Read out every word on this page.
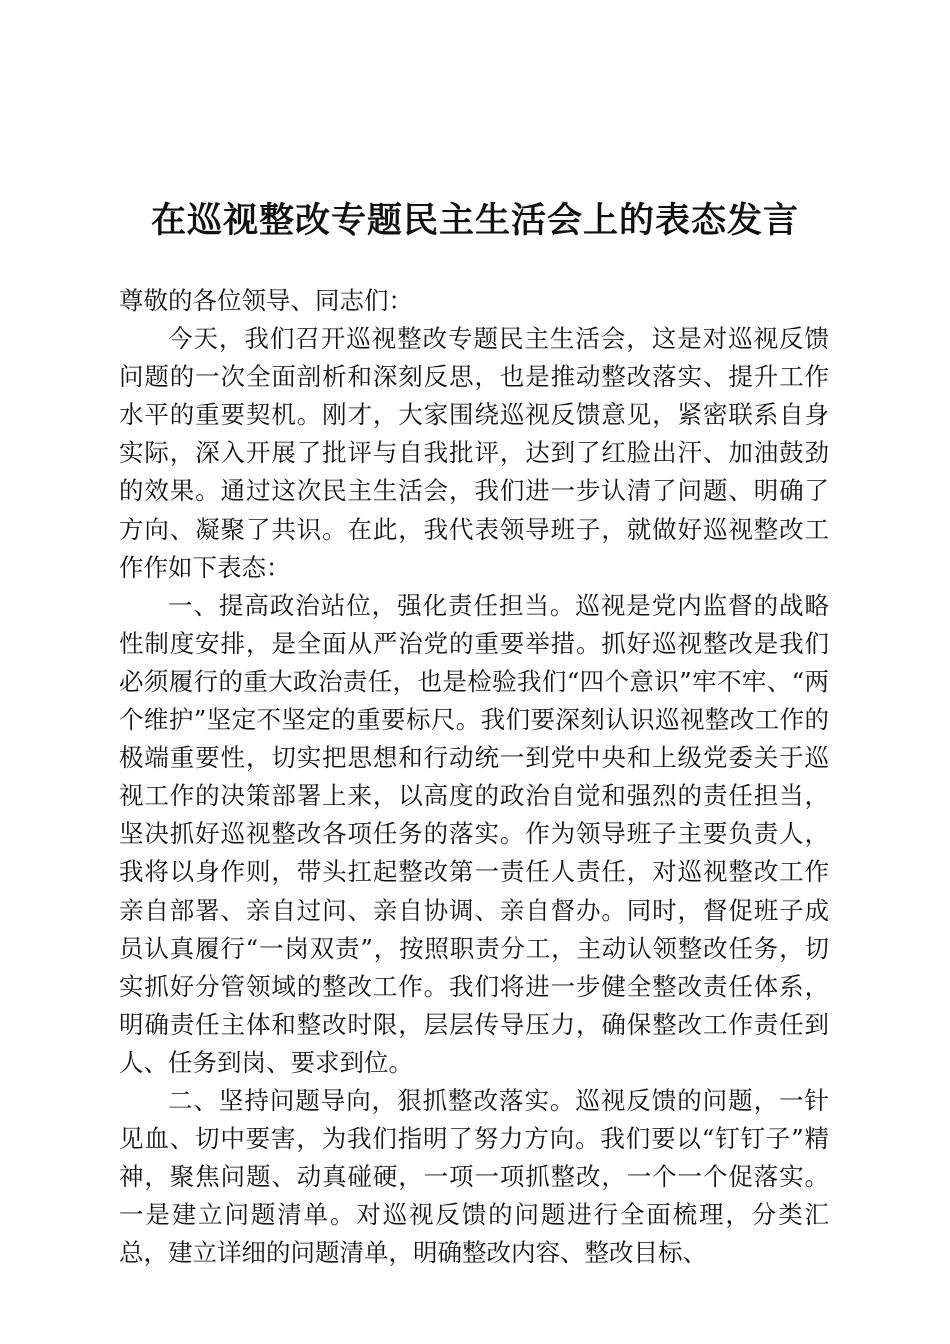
在巡视整改专题民主生活会上的表态发言

尊敬的各位领导、同志们：

今天，我们召开巡视整改专题民主生活会，这是对巡视反馈问题的一次全面剖析和深刻反思，也是推动整改落实、提升工作水平的重要契机。刚才，大家围绕巡视反馈意见，紧密联系自身实际，深入开展了批评与自我批评，达到了红脸出汗、加油鼓劲的效果。通过这次民主生活会，我们进一步认清了问题、明确了方向、凝聚了共识。在此，我代表领导班子，就做好巡视整改工作作如下表态：

一、提高政治站位，强化责任担当。巡视是党内监督的战略性制度安排，是全面从严治党的重要举措。抓好巡视整改是我们必须履行的重大政治责任，也是检验我们“四个意识”牢不牢、“两个维护”坚定不坚定的重要标尺。我们要深刻认识巡视整改工作的极端重要性，切实把思想和行动统一到党中央和上级党委关于巡视工作的决策部署上来，以高度的政治自觉和强烈的责任担当，坚决抓好巡视整改各项任务的落实。作为领导班子主要负责人，我将以身作则，带头扛起整改第一责任人责任，对巡视整改工作亲自部署、亲自过问、亲自协调、亲自督办。同时，督促班子成员认真履行“一岗双责”，按照职责分工，主动认领整改任务，切实抓好分管领域的整改工作。我们将进一步健全整改责任体系，明确责任主体和整改时限，层层传导压力，确保整改工作责任到人、任务到岗、要求到位。

二、坚持问题导向，狠抓整改落实。巡视反馈的问题，一针见血、切中要害，为我们指明了努力方向。我们要以“钉钉子”精神，聚焦问题、动真碰硬，一项一项抓整改，一个一个促落实。一是建立问题清单。对巡视反馈的问题进行全面梳理，分类汇总，建立详细的问题清单，明确整改内容、整改目标、
